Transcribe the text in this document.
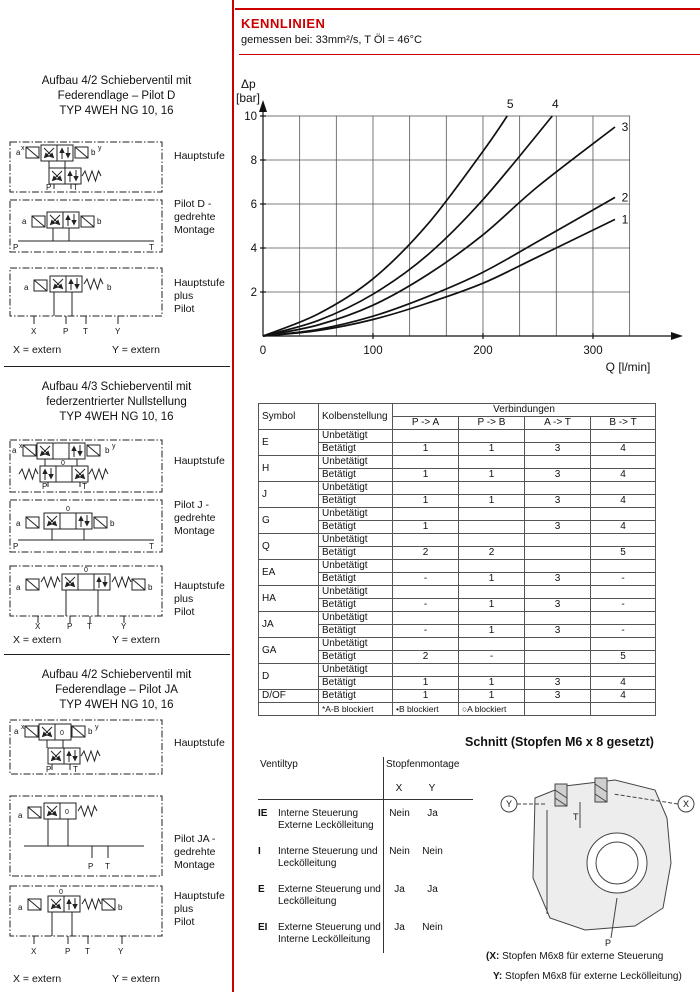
Aufbau 4/2 Schieberventil mit
Federendlage – Pilot D
TYP 4WEH NG 10, 16
a x	b y
P	T
a	b
P	T
a	b
X	P T	Y
Hauptstufe
Pilot D -
gedrehte
Montage
Hauptstufe
plus
Pilot
X = extern	Y = extern
Aufbau 4/3 Schieberventil mit
federzentrierter Nullstellung
TYP 4WEH NG 10, 16
a x	b y
0
P	T
a	b
0
P	T
a	b
0
X	P T	Y
Hauptstufe
Pilot J -
gedrehte
Montage
Hauptstufe
plus
Pilot
X = extern	Y = extern
Aufbau 4/2 Schieberventil mit
Federendlage – Pilot JA
TYP 4WEH NG 10, 16
a x	b y
0
P	T
a	0
P T
a	b
0
X	P T	Y
Hauptstufe
Pilot JA -
gedrehte
Montage
Hauptstufe
plus
Pilot
X = extern	Y = extern
KENNLINIEN
gemessen bei: 33mm²/s, T Öl = 46°C
2
4
6
8
10
0	100	200	300
Δp
[bar]
Q [l/min]
1
2
3
4
5
Symbol	Kolbenstellung	Verbindungen			
		P -> A	P -> B	A -> T	B -> T
E	Unbetätigt				
	Betätigt	1	1	3	4
H	Unbetätigt				
	Betätigt	1	1	3	4
J	Unbetätigt				
	Betätigt	1	1	3	4
G	Unbetätigt				
	Betätigt	1		3	4
Q	Unbetätigt				
	Betätigt	2	2		5
EA	Unbetätigt				
	Betätigt	-	1	3	-
HA	Unbetätigt				
	Betätigt	-	1	3	-
JA	Unbetätigt				
	Betätigt	-	1	3	-
GA	Unbetätigt				
	Betätigt	2	-		5
D	Unbetätigt				
	Betätigt	1	1	3	4
D/OF	Betätigt	1	1	3	4
	*A-B blockiert	•B blockiert	○A blockiert		
Schnitt (Stopfen M6 x 8 gesetzt)
Ventiltyp	Stopfenmontage
X	Y
IE	Interne Steuerung
Externe Leckölleitung
Nein	Ja
I	Interne Steuerung und
Leckölleitung
Nein	Nein
E	Externe Steuerung und
Leckölleitung
Ja	Ja
EI	Externe Steuerung und
Interne Leckölleitung
Ja	Nein
Y	X
T
P
(X: Stopfen M6x8 für externe Steuerung
Y: Stopfen M6x8 für externe Leckölleitung)
